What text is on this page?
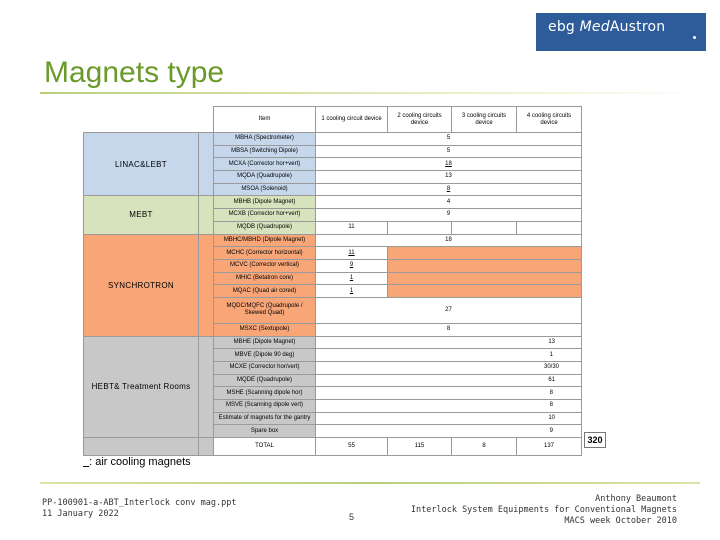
ebg MedAustron
Magnets type
		Item	1 cooling circuit device	2 cooling circuits device	3 cooling circuits device	4 cooling circuits device
LINAC&LEBT		MBHA (Spectrometer)	5			
		MBSA (Switching Dipole)	5			
		MCXA (Corrector hor+vert)	18			
		MQDA (Quadrupole)	13			
		MSOA (Solenoid)	8			
MEBT		MBHB (Dipole Magnet)	4			
		MCXB (Corrector hor+vert)	9			
		MQDB (Quadrupole)	11			
SYNCHROTRON		MBHC/MBHD (Dipole Magnet)	18			
		MCHC (Corrector horizontal)	11			
		MCVC (Corrector vertical)	9			
		MHIC (Betatron core)	1			
		MQAC (Quad air cored)	1			
		MQDC/MQFC (Quadrupole / Skewed Quad)	27			
		MSXC (Sextupole)	8			
HEBT& Treatment Rooms		MBHE (Dipole Magnet)	13			
		MBVE (Dipole 90 deg)	1			
		MCXE (Corrector hor/vert)	30/30			
		MQDE (Quadrupole)	61			
		MSHE (Scanning dipole hor)	8			
		MSVE (Scanning dipole vert)	8			
		Estimate of magnets for the gantry	10			
		Spare box	9			
		TOTAL	55	115	8	137
320
: air cooling magnets
PP-100901-a-ABT_Interlock conv mag.ppt
11 January 2022	5
Anthony Beaumont
Interlock System Equipments for Conventional Magnets
MACS week October 2010
